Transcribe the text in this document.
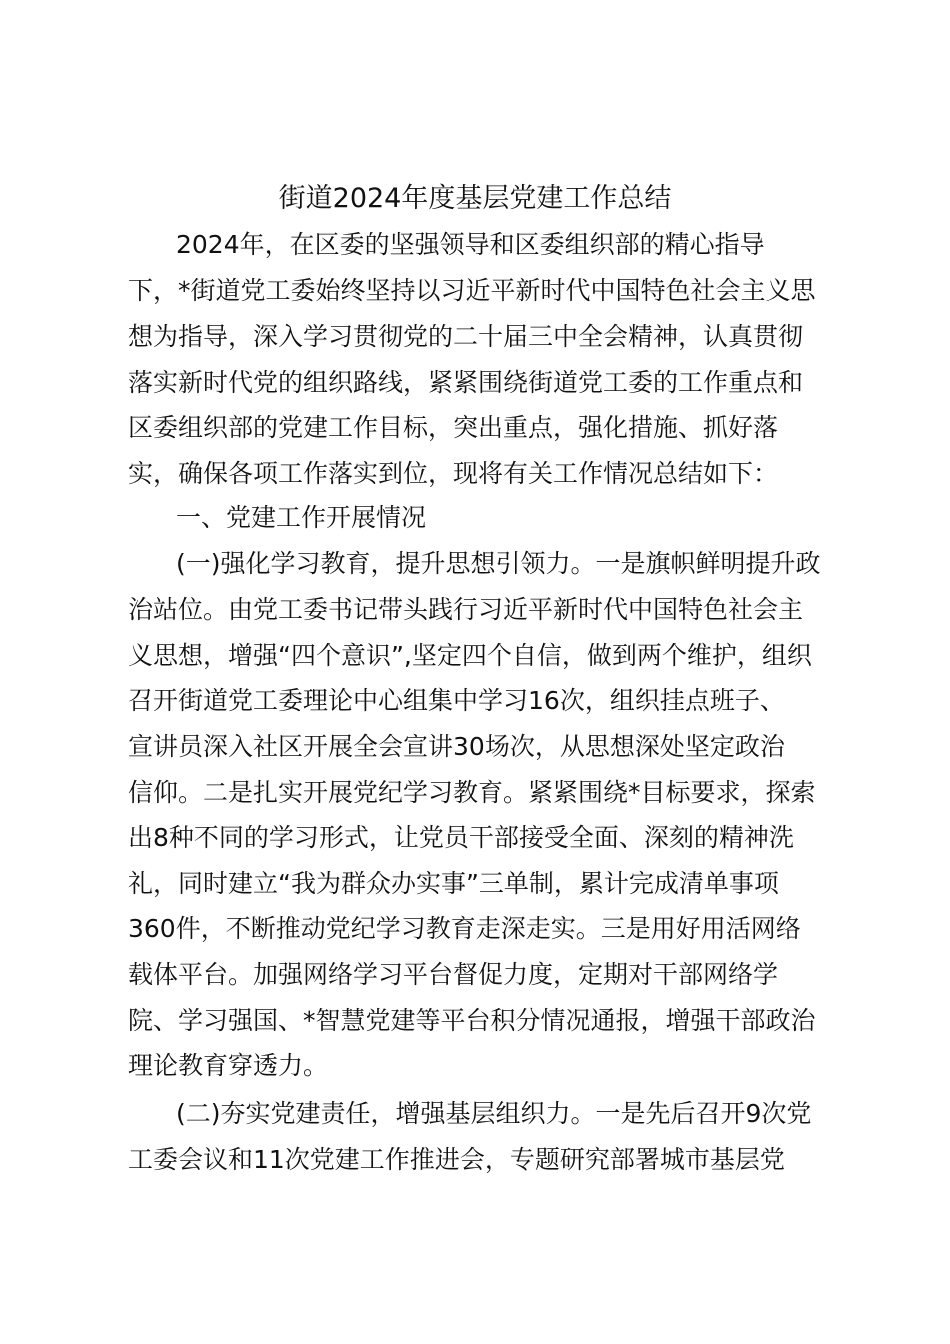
街道2024年度基层党建工作总结
2024年，在区委的坚强领导和区委组织部的精心指导
下，*街道党工委始终坚持以习近平新时代中国特色社会主义思
想为指导，深入学习贯彻党的二十届三中全会精神，认真贯彻
落实新时代党的组织路线，紧紧围绕街道党工委的工作重点和
区委组织部的党建工作目标，突出重点，强化措施、抓好落
实，确保各项工作落实到位，现将有关工作情况总结如下：
一、党建工作开展情况
(一)强化学习教育，提升思想引领力。一是旗帜鲜明提升政
治站位。由党工委书记带头践行习近平新时代中国特色社会主
义思想，增强“四个意识”,坚定四个自信，做到两个维护，组织
召开街道党工委理论中心组集中学习16次，组织挂点班子、
宣讲员深入社区开展全会宣讲30场次，从思想深处坚定政治
信仰。二是扎实开展党纪学习教育。紧紧围绕*目标要求，探索
出8种不同的学习形式，让党员干部接受全面、深刻的精神洗
礼，同时建立“我为群众办实事”三单制，累计完成清单事项
360件，不断推动党纪学习教育走深走实。三是用好用活网络
载体平台。加强网络学习平台督促力度，定期对干部网络学
院、学习强国、*智慧党建等平台积分情况通报，增强干部政治
理论教育穿透力。
(二)夯实党建责任，增强基层组织力。一是先后召开9次党
工委会议和11次党建工作推进会，专题研究部署城市基层党
